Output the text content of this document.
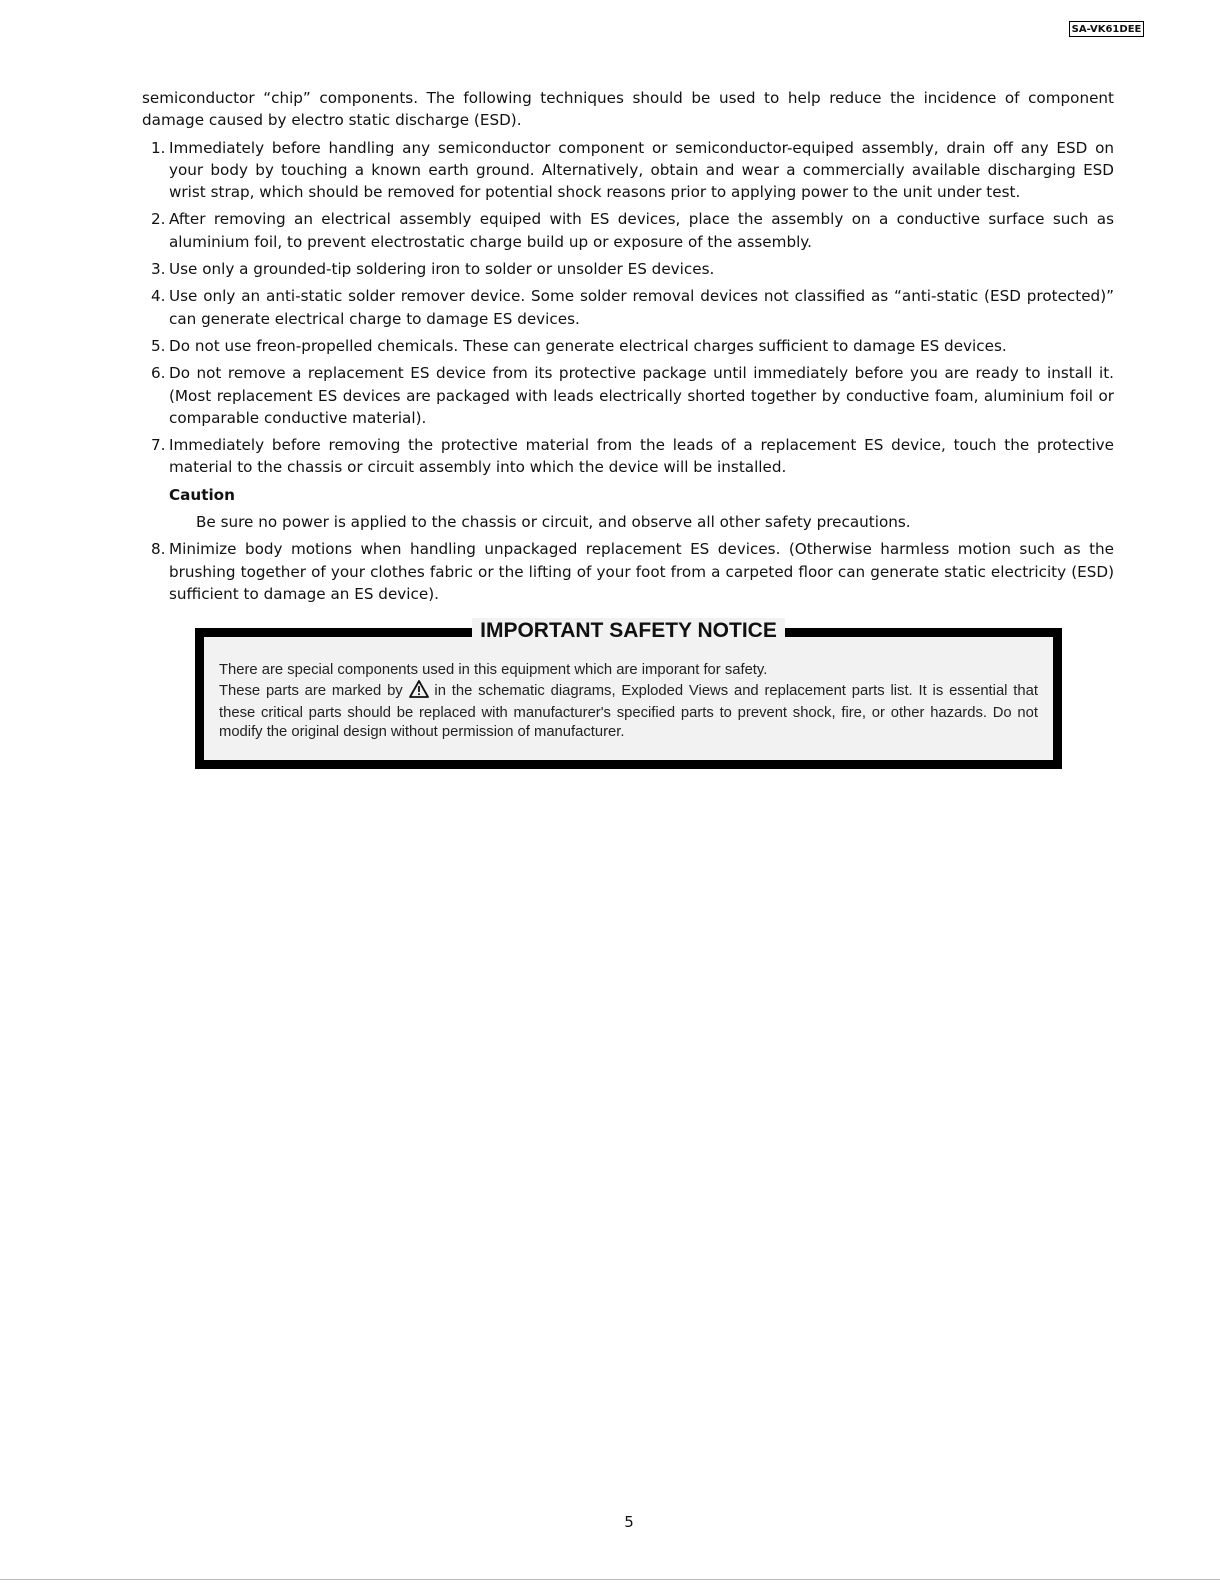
SA-VK61DEE

semiconductor “chip” components. The following techniques should be used to help reduce the incidence of component damage caused by electro static discharge (ESD).

1. Immediately before handling any semiconductor component or semiconductor-equiped assembly, drain off any ESD on your body by touching a known earth ground. Alternatively, obtain and wear a commercially available discharging ESD wrist strap, which should be removed for potential shock reasons prior to applying power to the unit under test.
2. After removing an electrical assembly equiped with ES devices, place the assembly on a conductive surface such as aluminium foil, to prevent electrostatic charge build up or exposure of the assembly.
3. Use only a grounded-tip soldering iron to solder or unsolder ES devices.
4. Use only an anti-static solder remover device. Some solder removal devices not classified as “anti-static (ESD protected)” can generate electrical charge to damage ES devices.
5. Do not use freon-propelled chemicals. These can generate electrical charges sufficient to damage ES devices.
6. Do not remove a replacement ES device from its protective package until immediately before you are ready to install it. (Most replacement ES devices are packaged with leads electrically shorted together by conductive foam, aluminium foil or comparable conductive material).
7. Immediately before removing the protective material from the leads of a replacement ES device, touch the protective material to the chassis or circuit assembly into which the device will be installed.
Caution
Be sure no power is applied to the chassis or circuit, and observe all other safety precautions.
8. Minimize body motions when handling unpackaged replacement ES devices. (Otherwise harmless motion such as the brushing together of your clothes fabric or the lifting of your foot from a carpeted floor can generate static electricity (ESD) sufficient to damage an ES device).
IMPORTANT SAFETY NOTICE

There are special components used in this equipment which are imporant for safety.

These parts are marked by in the schematic diagrams, Exploded Views and replacement parts list. It is essential that these critical parts should be replaced with manufacturer's specified parts to prevent shock, fire, or other hazards. Do not modify the original design without permission of manufacturer.

5
